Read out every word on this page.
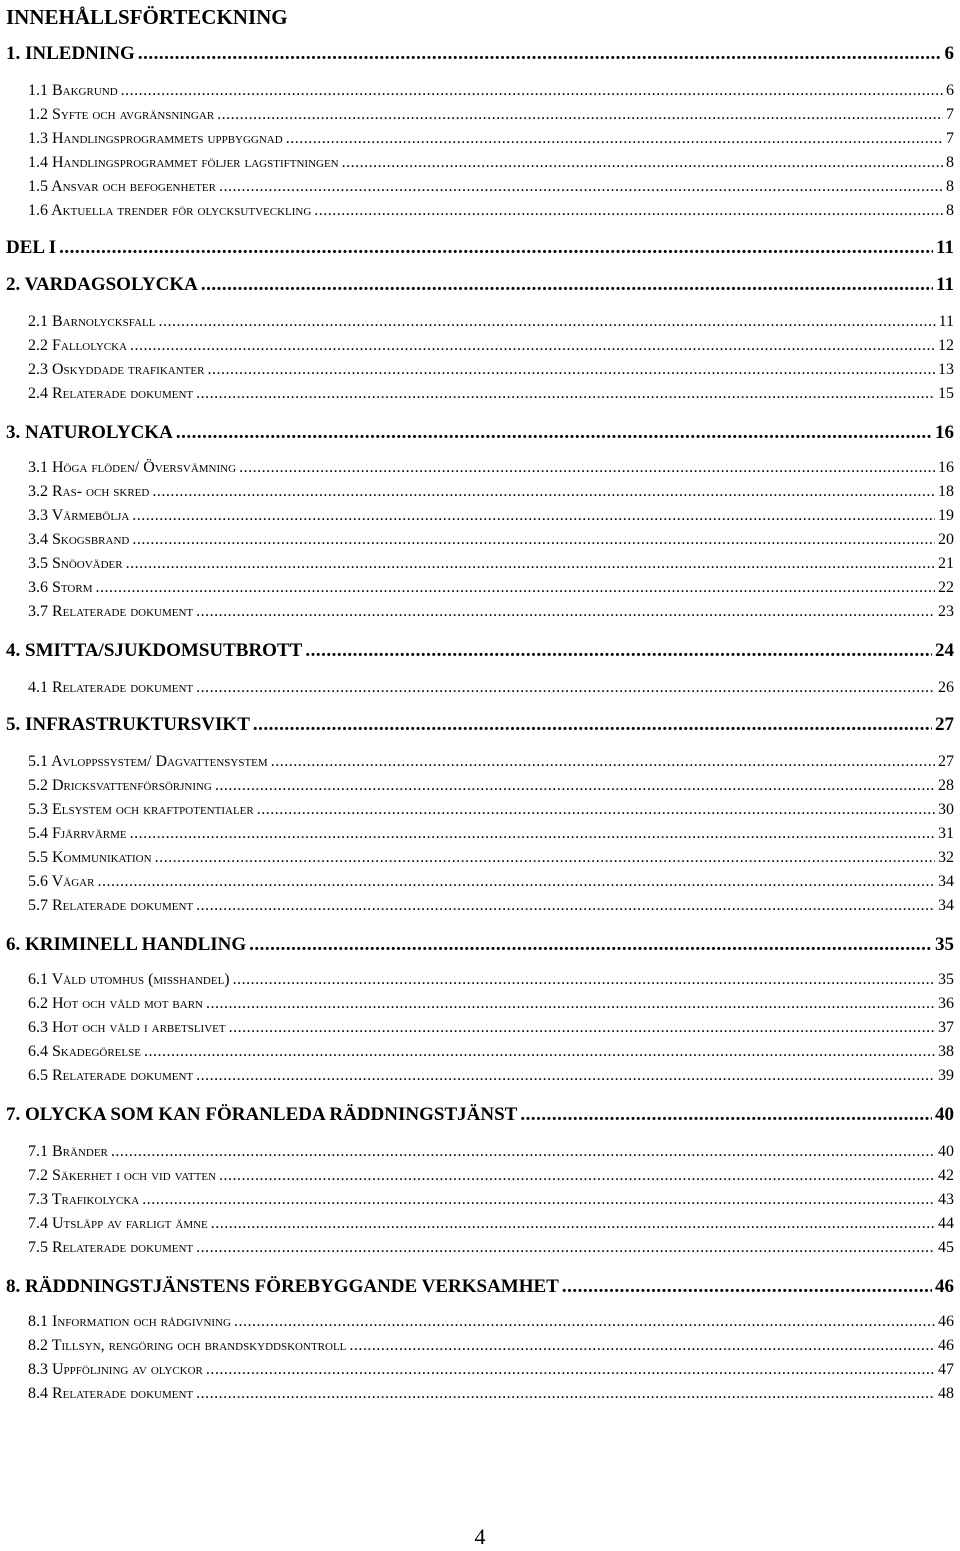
INNEHÅLLSFÖRTECKNING
1. INLEDNING .....	6
1.1 Bakgrund .....	6
1.2 Syfte och avgränsningar .....	7
1.3 Handlingsprogrammets uppbyggnad .....	7
1.4 Handlingsprogrammet följer lagstiftningen .....	8
1.5 Ansvar och befogenheter .....	8
1.6 Aktuella trender för olycksutveckling .....	8
DEL I .....	11
2. VARDAGSOLYCKA .....	11
2.1 Barnolycksfall .....	11
2.2 Fallolycka .....	12
2.3 Oskyddade trafikanter .....	13
2.4 Relaterade dokument .....	15
3. NATUROLYCKA .....	16
3.1 Höga flöden/ Översvämning .....	16
3.2 Ras- och skred .....	18
3.3 Värmebölja .....	19
3.4 Skogsbrand .....	20
3.5 Snöoväder .....	21
3.6 Storm .....	22
3.7 Relaterade dokument .....	23
4. SMITTA/SJUKDOMSUTBROTT .....	24
4.1 Relaterade dokument .....	26
5. INFRASTRUKTURSVIKT .....	27
5.1 Avloppssystem/ Dagvattensystem .....	27
5.2 Dricksvattenförsörjning .....	28
5.3 Elsystem och kraftpotentialer .....	30
5.4 Fjärrvärme .....	31
5.5 Kommunikation .....	32
5.6 Vägar .....	34
5.7 Relaterade dokument .....	34
6. KRIMINELL HANDLING .....	35
6.1 Våld utomhus (misshandel) .....	35
6.2 Hot och våld mot barn .....	36
6.3 Hot och våld i arbetslivet .....	37
6.4 Skadegörelse .....	38
6.5 Relaterade dokument .....	39
7. OLYCKA SOM KAN FÖRANLEDA RÄDDNINGSTJÄNST .....	40
7.1 Bränder .....	40
7.2 Säkerhet i och vid vatten .....	42
7.3 Trafikolycka .....	43
7.4 Utsläpp av farligt ämne .....	44
7.5 Relaterade dokument .....	45
8. RÄDDNINGSTJÄNSTENS FÖREBYGGANDE VERKSAMHET .....	46
8.1 Information och rådgivning .....	46
8.2 Tillsyn, rengöring och brandskyddskontroll .....	46
8.3 Uppföljning av olyckor .....	47
8.4 Relaterade dokument .....	48
4
